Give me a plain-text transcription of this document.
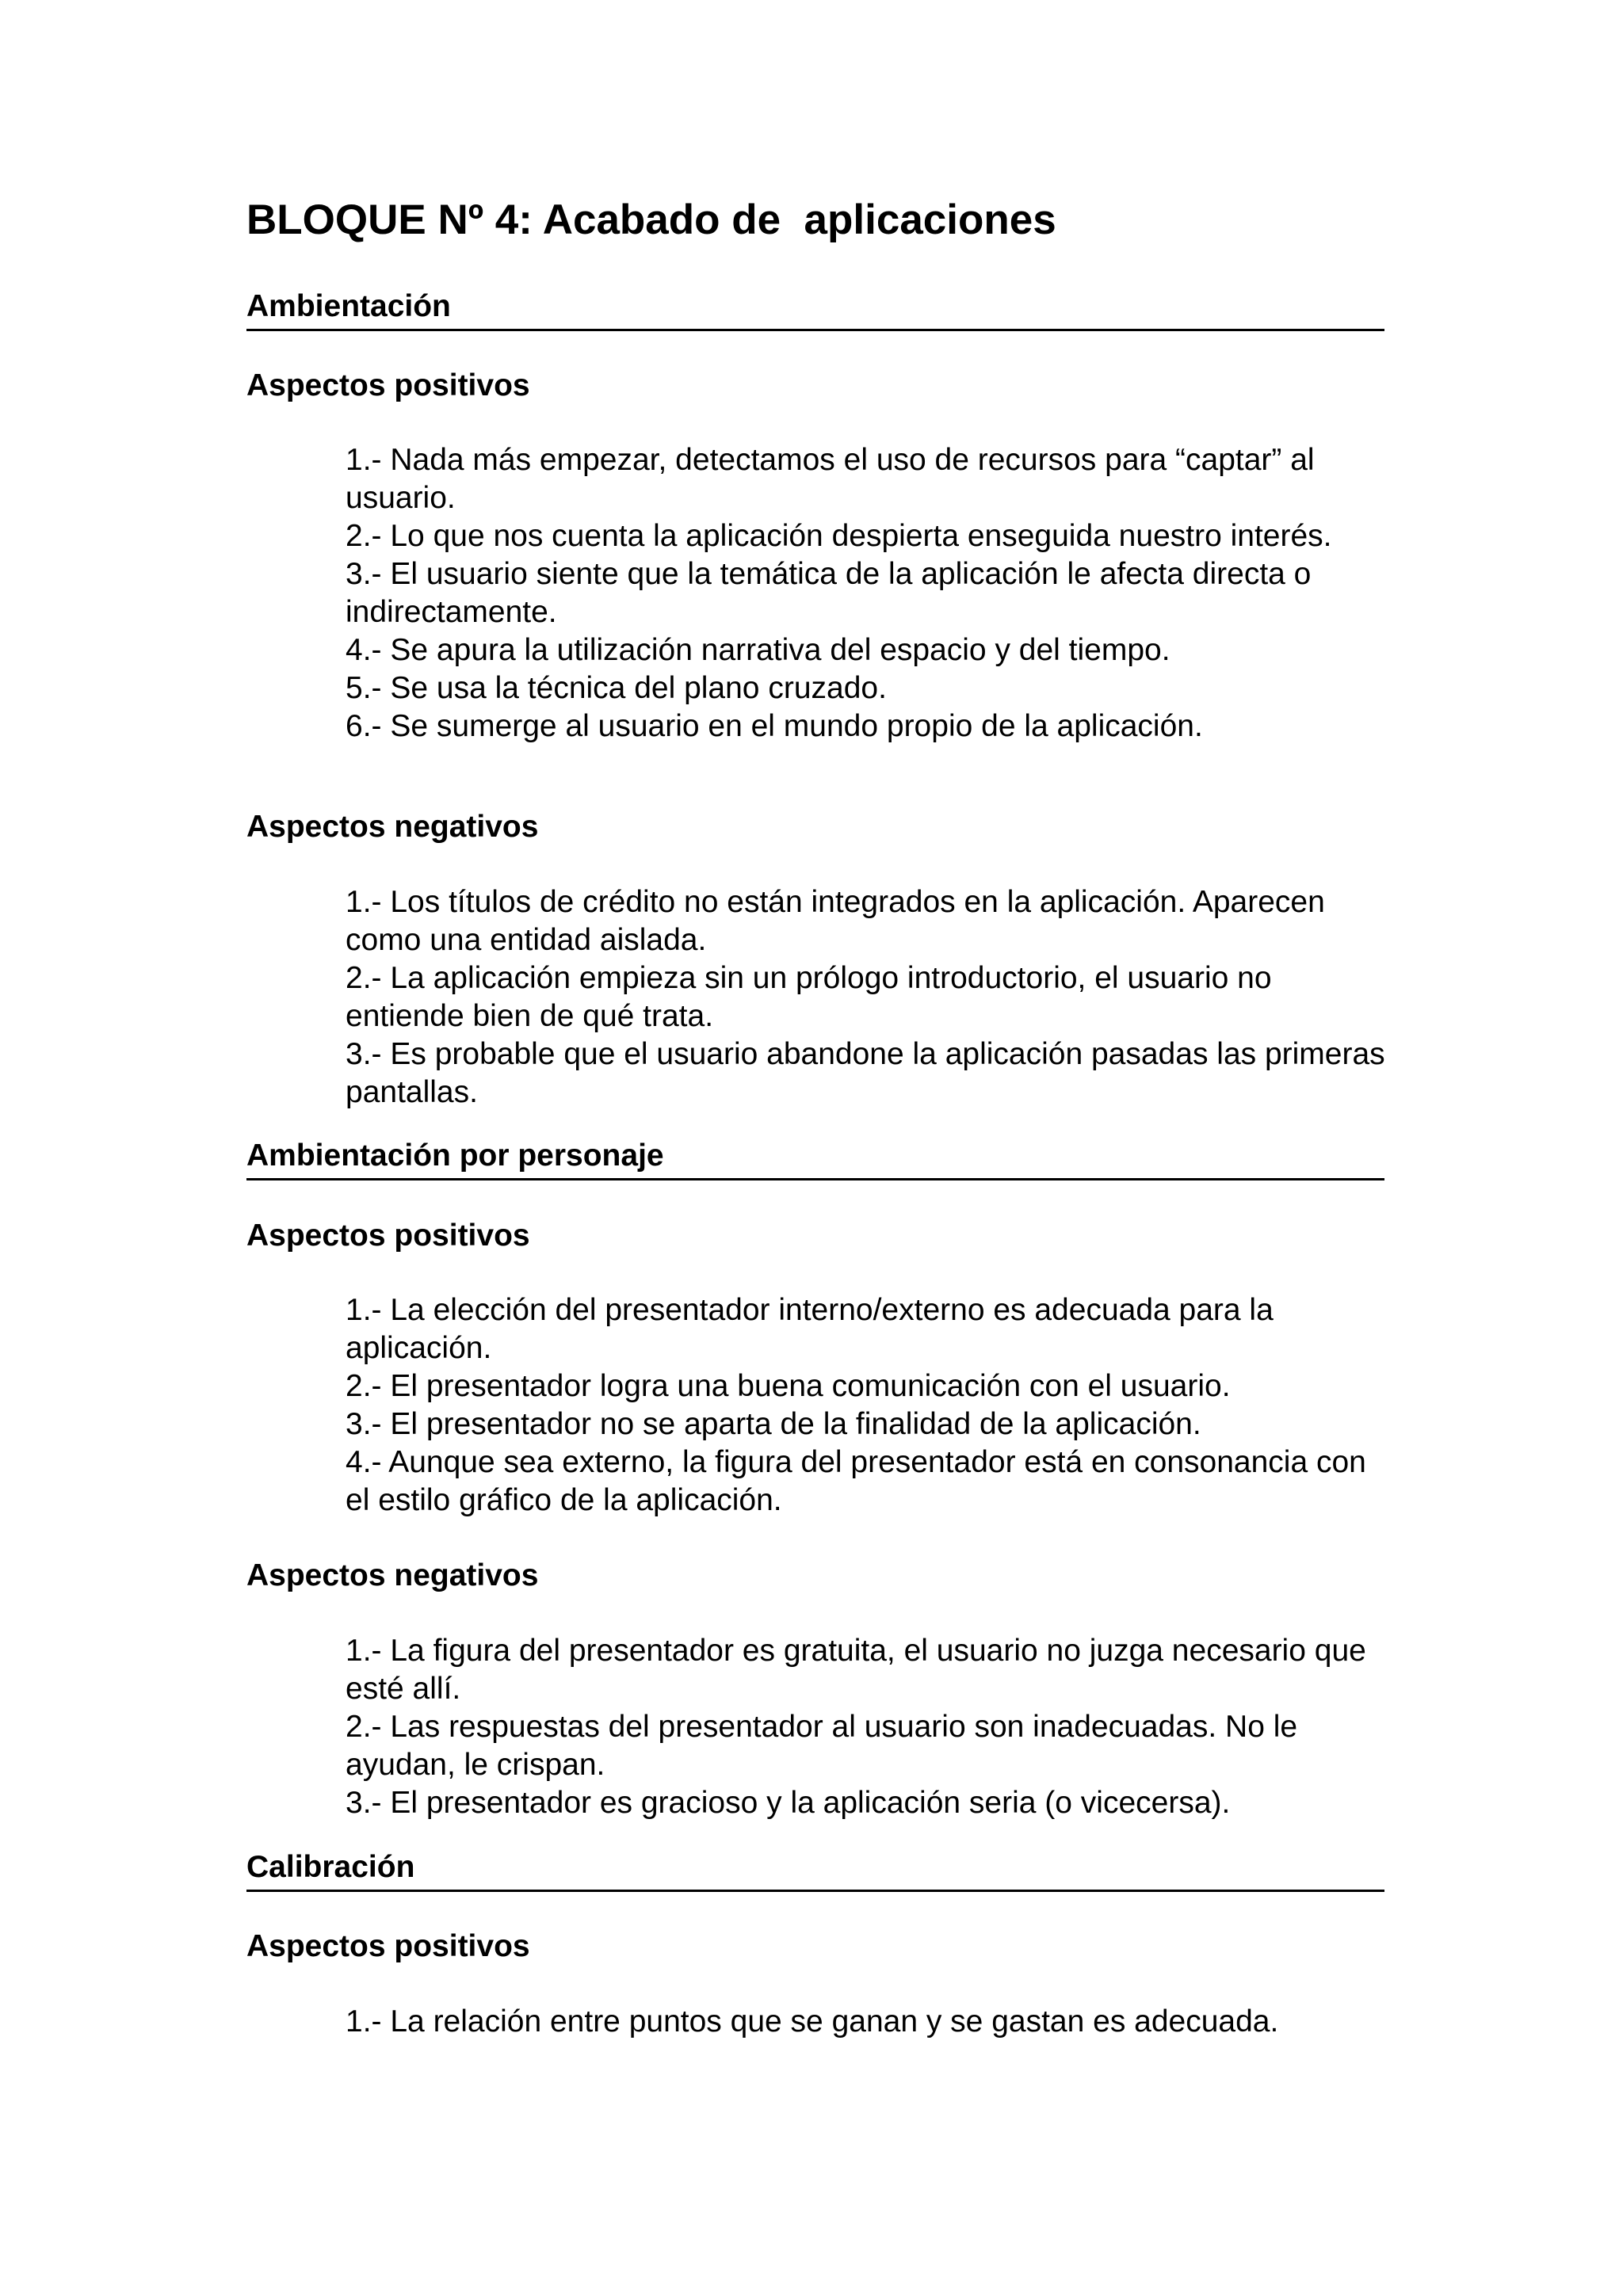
BLOQUE Nº 4: Acabado de  aplicaciones
Ambientación
Aspectos positivos
1.- Nada más empezar, detectamos el uso de recursos para “captar” al usuario.
2.- Lo que nos cuenta la aplicación despierta enseguida nuestro interés.
3.- El usuario siente que la temática de la aplicación le afecta directa o indirectamente.
4.- Se apura la utilización narrativa del espacio y del tiempo.
5.- Se usa la técnica del plano cruzado.
6.- Se sumerge al usuario en el mundo propio de la aplicación.
Aspectos negativos
1.- Los títulos de crédito no están integrados en la aplicación. Aparecen como una entidad aislada.
2.- La aplicación empieza sin un prólogo introductorio, el usuario no entiende bien de qué trata.
3.- Es probable que el usuario abandone la aplicación pasadas las primeras pantallas.
Ambientación por personaje
Aspectos positivos
1.- La elección del presentador interno/externo es adecuada para la aplicación.
2.- El presentador logra una buena comunicación con el usuario.
3.- El presentador no se aparta de la finalidad de la aplicación.
4.- Aunque sea externo, la figura del presentador está en consonancia con el estilo gráfico de la aplicación.
Aspectos negativos
1.- La figura del presentador es gratuita, el usuario no juzga necesario que esté allí.
2.- Las respuestas del presentador al usuario son inadecuadas. No le ayudan, le crispan.
3.- El presentador es gracioso y la aplicación seria (o vicecersa).
Calibración
Aspectos positivos
1.- La relación entre puntos que se ganan y se gastan es adecuada.
